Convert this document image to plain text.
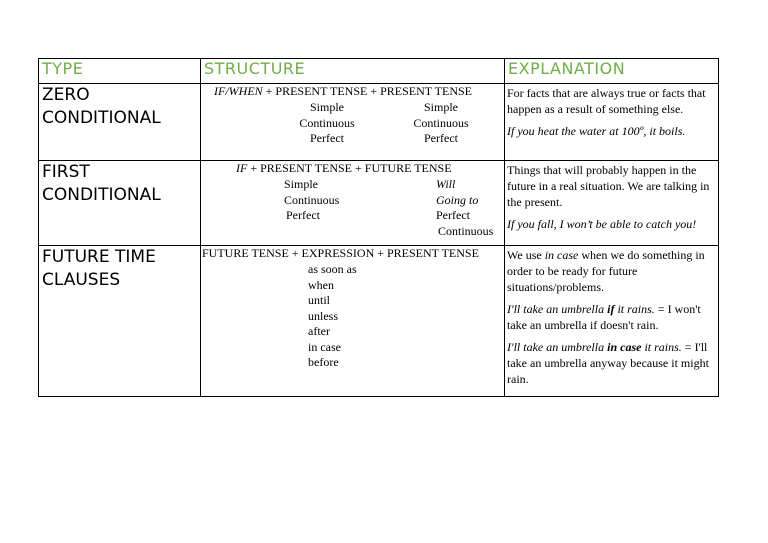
TYPE	STRUCTURE	EXPLANATION
ZERO
CONDITIONAL
IF/WHEN + PRESENT TENSE + PRESENT TENSE
Simple
Continuous
Perfect
Simple
Continuous
Perfect

For facts that are always true or facts that happen as a result of something else.

If you heat the water at 100º, it boils.

FIRST
CONDITIONAL
IF + PRESENT TENSE + FUTURE TENSE
Simple
Continuous
Perfect
Will
Going to
Perfect
Continuous

Things that will probably happen in the future in a real situation. We are talking in the present.

If you fall, I won’t be able to catch you!

FUTURE TIME
CLAUSES
FUTURE TENSE + EXPRESSION + PRESENT TENSE
as soon as
when
until
unless
after
in case
before

We use in case when we do something in order to be ready for future situations/problems.

I'll take an umbrella if it rains. = I won't take an umbrella if doesn't rain.

I'll take an umbrella in case it rains. = I'll take an umbrella anyway because it might rain.
